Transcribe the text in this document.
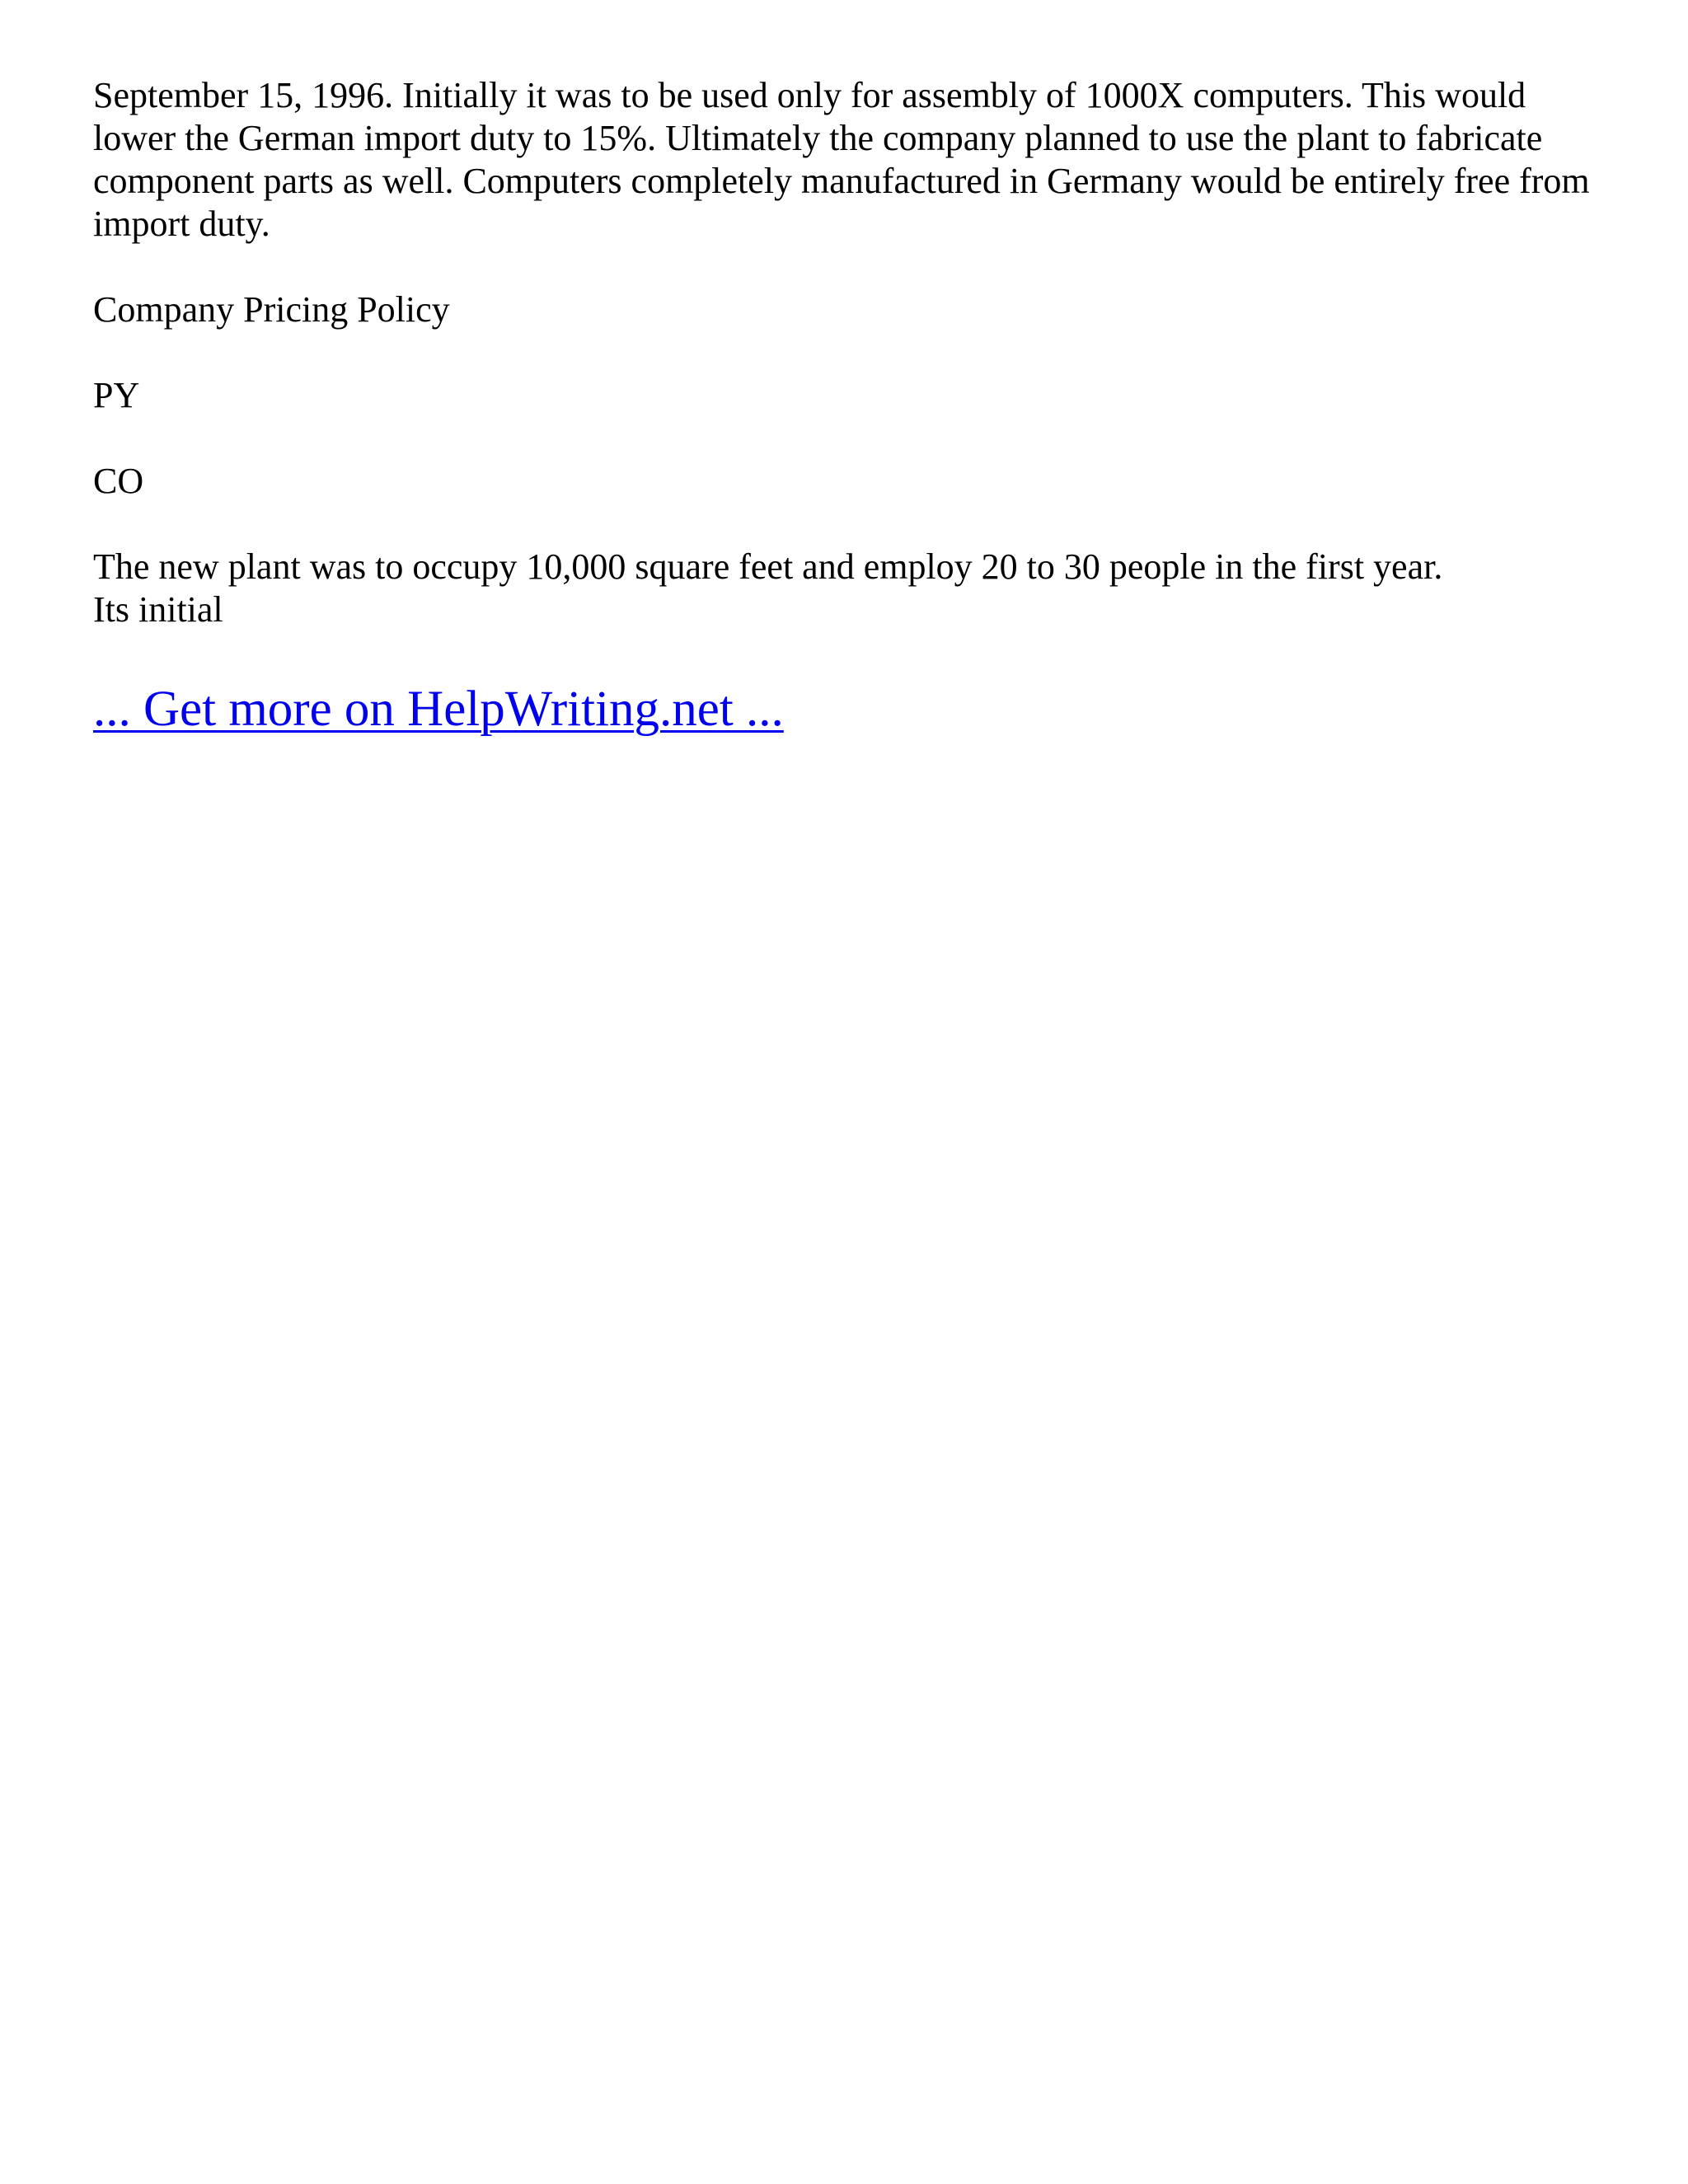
September 15, 1996. Initially it was to be used only for assembly of 1000X computers. This would lower the German import duty to 15%. Ultimately the company planned to use the plant to fabricate component parts as well. Computers completely manufactured in Germany would be entirely free from import duty.

Company Pricing Policy

PY

CO

The new plant was to occupy 10,000 square feet and employ 20 to 30 people in the first year.
Its initial

... Get more on HelpWriting.net ...
